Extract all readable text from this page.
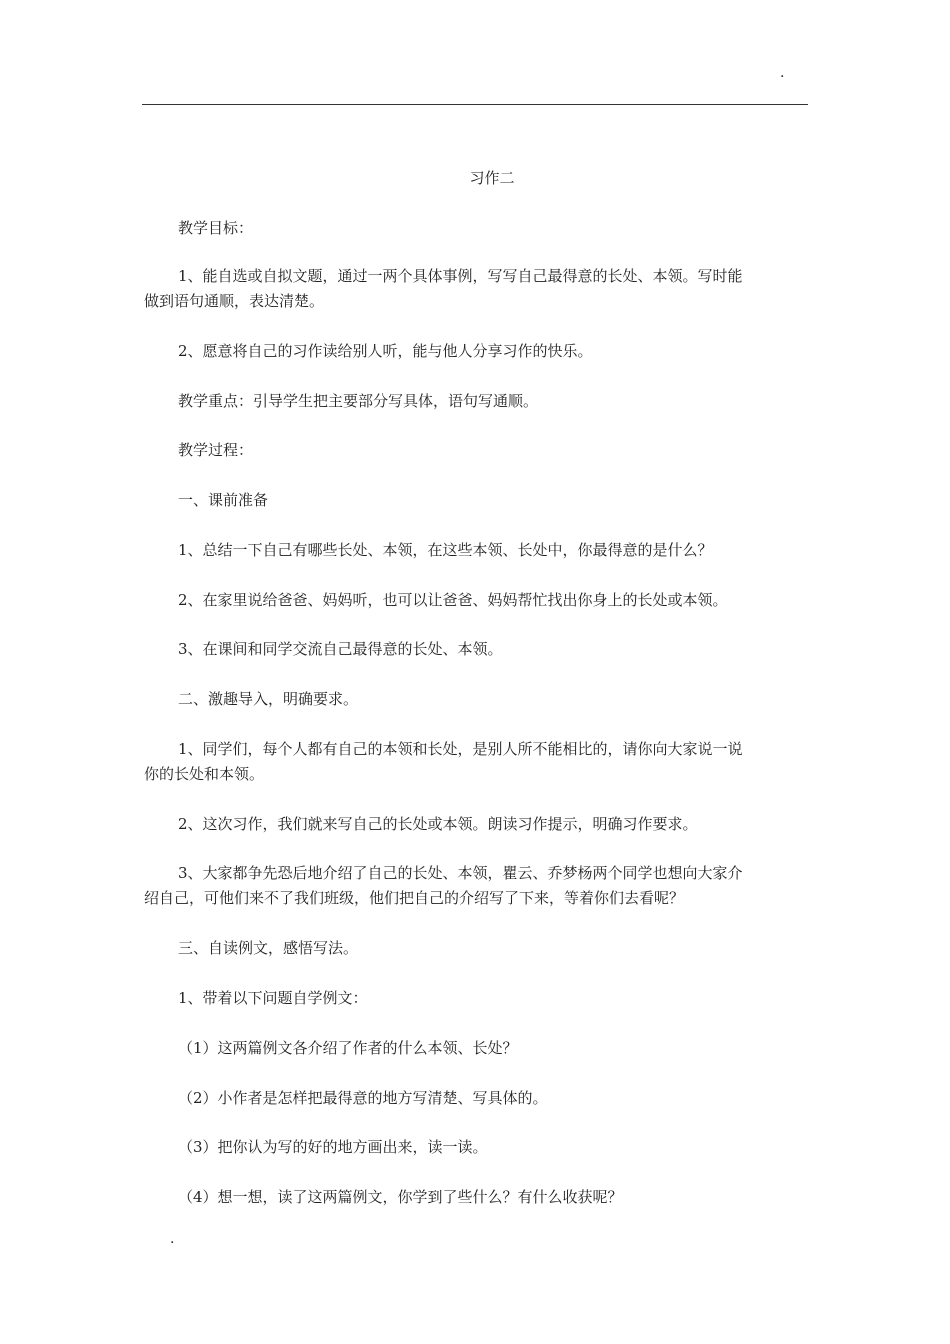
.
习作二

教学目标：

1、能自选或自拟文题，通过一两个具体事例，写写自己最得意的长处、本领。写时能

做到语句通顺，表达清楚。

2、愿意将自己的习作读给别人听，能与他人分享习作的快乐。

教学重点：引导学生把主要部分写具体，语句写通顺。

教学过程：

一、课前准备

1、总结一下自己有哪些长处、本领，在这些本领、长处中，你最得意的是什么？

2、在家里说给爸爸、妈妈听，也可以让爸爸、妈妈帮忙找出你身上的长处或本领。

3、在课间和同学交流自己最得意的长处、本领。

二、激趣导入，明确要求。

1、同学们，每个人都有自己的本领和长处，是别人所不能相比的，请你向大家说一说

你的长处和本领。

2、这次习作，我们就来写自己的长处或本领。朗读习作提示，明确习作要求。

3、大家都争先恐后地介绍了自己的长处、本领，瞿云、乔梦杨两个同学也想向大家介

绍自己，可他们来不了我们班级，他们把自己的介绍写了下来，等着你们去看呢？

三、自读例文，感悟写法。

1、带着以下问题自学例文：

（1）这两篇例文各介绍了作者的什么本领、长处？

（2）小作者是怎样把最得意的地方写清楚、写具体的。

（3）把你认为写的好的地方画出来，读一读。

（4）想一想，读了这两篇例文，你学到了些什么？有什么收获呢？

.
